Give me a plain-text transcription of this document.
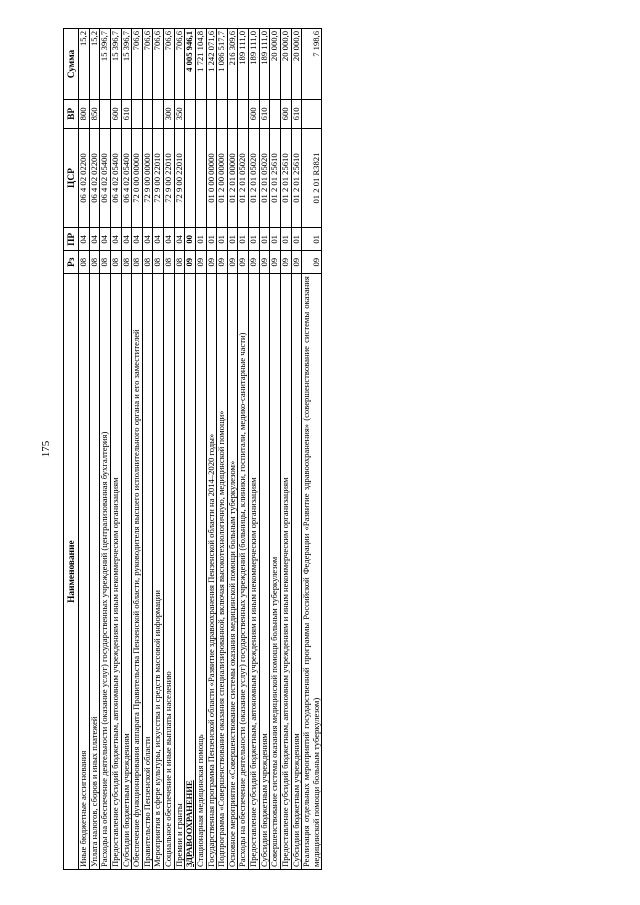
175
Наименование	Рз	ПР	ЦСР	ВР	Сумма
Иные бюджетные ассигнования	08	04	06 4 02 02200	800	15,2
Уплата налогов, сборов и иных платежей	08	04	06 4 02 02200	850	15,2
Расходы на обеспечение деятельности (оказание услуг) государственных учреждений (централизованная бухгалтерия)	08	04	06 4 02 05400		15 396,7
Предоставление субсидий бюджетным, автономным учреждениям и иным некоммерческим организациям	08	04	06 4 02 05400	600	15 396,7
Субсидии бюджетным учреждениям	08	04	06 4 02 05400	610	15 396,7
Обеспечение функционирования аппарата Правительства Пензенской области, руководителя высшего исполнительного органа и его заместителей	08	04	72 0 00 00000		706,6
Правительство Пензенской области	08	04	72 9 00 00000		706,6
Мероприятия в сфере культуры, искусства и средств массовой информации	08	04	72 9 00 22010		706,6
Социальное обеспечение и иные выплаты населению	08	04	72 9 00 22010	300	706,6
Премии и гранты	08	04	72 9 00 22010	350	706,6
ЗДРАВООХРАНЕНИЕ	09	00			4 005 946,1
Стационарная медицинская помощь	09	01			1 721 104,8
Государственная программа Пензенской области «Развитие здравоохранения Пензенской области на 2014–2020 годы»	09	01	01 0 00 00000		1 242 071,6
Подпрограмма «Совершенствование оказания специализированной, включая высокотехнологичную, медицинской помощи»	09	01	01 2 00 00000		1 086 517,7
Основное мероприятие «Совершенствование системы оказания медицинской помощи больным туберкулезом»	09	01	01 2 01 00000		216 309,6
Расходы на обеспечение деятельности (оказание услуг) государственных учреждений (больницы, клиники, госпитали, медико-санитарные части)	09	01	01 2 01 05020		189 111,0
Предоставление субсидий бюджетным, автономным учреждениям и иным некоммерческим организациям	09	01	01 2 01 05020	600	189 111,0
Субсидии бюджетным учреждениям	09	01	01 2 01 05020	610	189 111,0
Совершенствование системы оказания медицинской помощи больным туберкулезом	09	01	01 2 01 25610		20 000,0
Предоставление субсидий бюджетным, автономным учреждениям и иным некоммерческим организациям	09	01	01 2 01 25610	600	20 000,0
Субсидии бюджетным учреждениям	09	01	01 2 01 25610	610	20 000,0
Реализация отдельных мероприятий государственной программы Российской Федерации «Развитие здравоохранения» (совершенствование системы оказания медицинской помощи больным туберкулезом)	09	01	01 2 01 R3821		7 198,6
